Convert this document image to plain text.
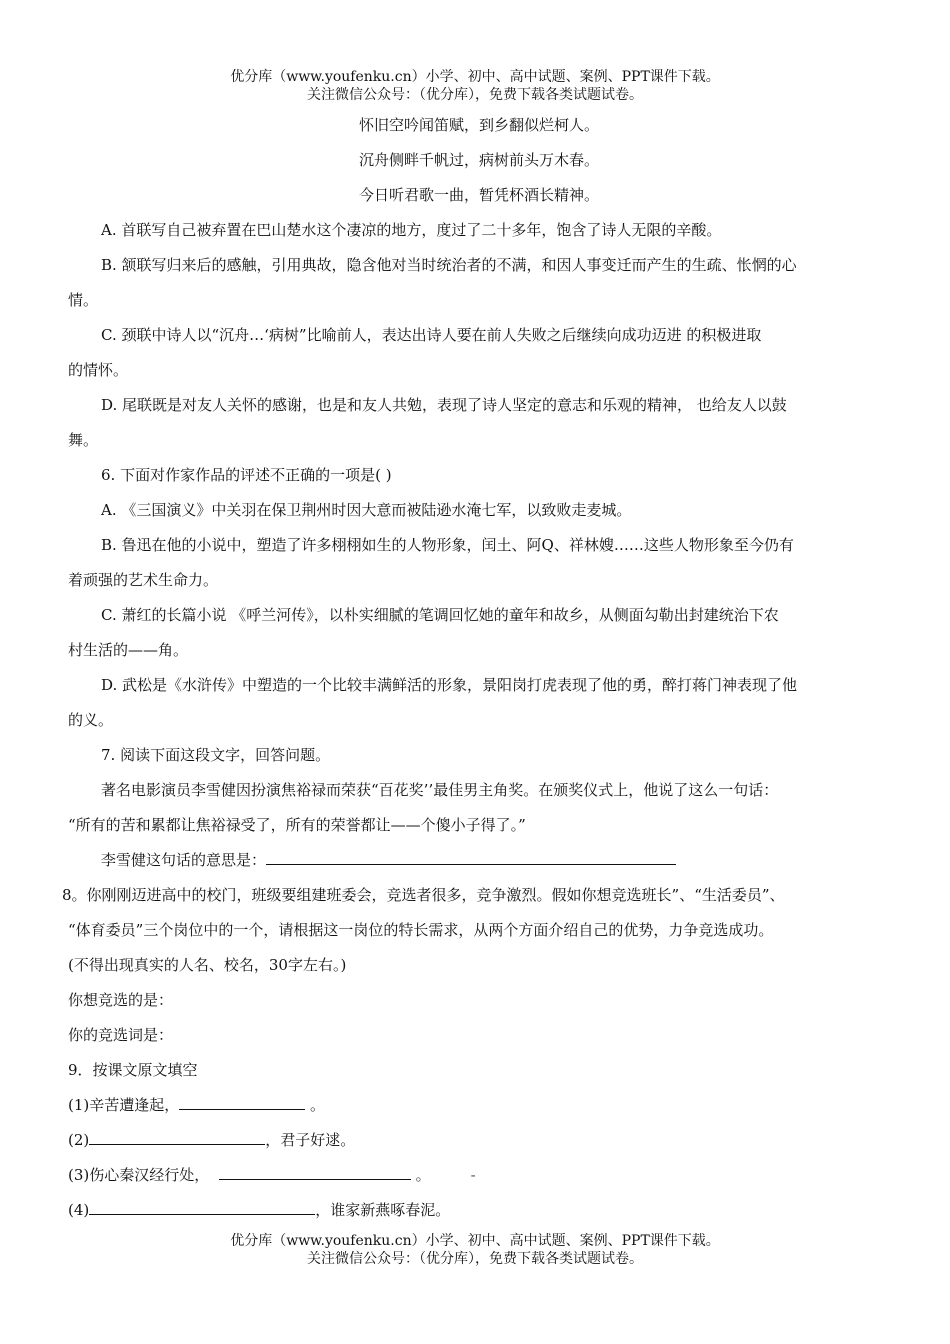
优分库（www.youfenku.cn）小学、初中、高中试题、案例、PPT课件下载。
关注微信公众号：（优分库），免费下载各类试题试卷。
怀旧空吟闻笛赋，到乡翻似烂柯人。
沉舟侧畔千帆过，病树前头万木春。
今日听君歌一曲，暂凭杯酒长精神。
A. 首联写自己被弃置在巴山楚水这个凄凉的地方，度过了二十多年，饱含了诗人无限的辛酸。
B. 颔联写归来后的感触，引用典故，隐含他对当时统治者的不满，和因人事变迁而产生的生疏、怅惘的心
情。
C. 颈联中诗人以“沉舟…‘病树”比喻前人，表达出诗人要在前人失败之后继续向成功迈进 的积极进取
的情怀。
D. 尾联既是对友人关怀的感谢，也是和友人共勉，表现了诗人坚定的意志和乐观的精神， 也给友人以鼓
舞。
6. 下面对作家作品的评述不正确的一项是( )
A. 《三国演义》中关羽在保卫荆州时因大意而被陆逊水淹七军，以致败走麦城。
B. 鲁迅在他的小说中，塑造了许多栩栩如生的人物形象，闰土、阿Q、祥林嫂……这些人物形象至今仍有
着顽强的艺术生命力。
C. 萧红的长篇小说 《呼兰河传》，以朴实细腻的笔调回忆她的童年和故乡，从侧面勾勒出封建统治下农
村生活的——角。
D. 武松是《水浒传》中塑造的一个比较丰满鲜活的形象，景阳岗打虎表现了他的勇，醉打蒋门神表现了他
的义。
7. 阅读下面这段文字，回答问题。
著名电影演员李雪健因扮演焦裕禄而荣获“百花奖’’最佳男主角奖。在颁奖仪式上，他说了这么一句话：
“所有的苦和累都让焦裕禄受了，所有的荣誉都让——个傻小子得了。”
李雪健这句话的意思是：
8。你刚刚迈进高中的校门，班级要组建班委会，竞选者很多，竞争激烈。假如你想竞选班长”、“生活委员”、
“体育委员”三个岗位中的一个，请根据这一岗位的特长需求，从两个方面介绍自己的优势，力争竞选成功。
(不得出现真实的人名、校名，30字左右。)
你想竞选的是：
你的竞选词是：
9．按课文原文填空
(1)辛苦遭逢起，	。
(2)	，君子好逑。
(3)伤心秦汉经行处，	。	-
(4)	，谁家新燕啄春泥。
优分库（www.youfenku.cn）小学、初中、高中试题、案例、PPT课件下载。
关注微信公众号：（优分库），免费下载各类试题试卷。
